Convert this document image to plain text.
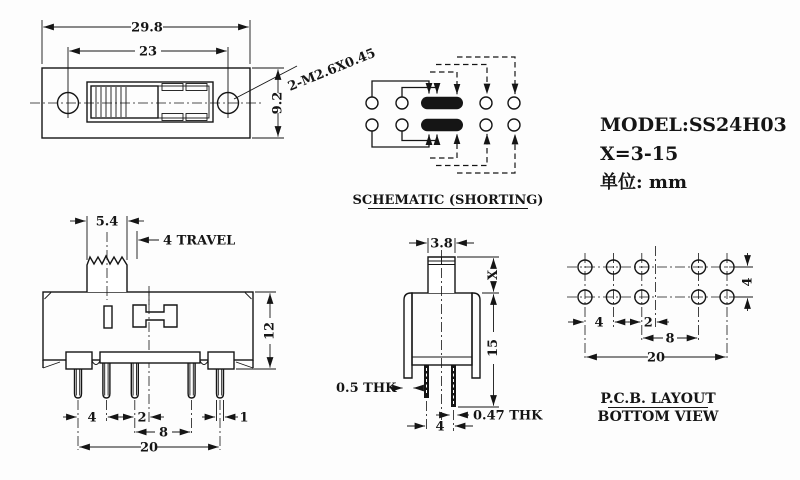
29.8
23
9.2
2-M2.6X0.45
SCHEMATIC (SHORTING)
MODEL:SS24H03
X=3-15
单位: mm
5.4
4 TRAVEL
12
4	2	1
8
20
3.8
X
15
0.5 THK
0.47 THK
4
4	2
8
20
4
P.C.B. LAYOUT
BOTTOM VIEW
